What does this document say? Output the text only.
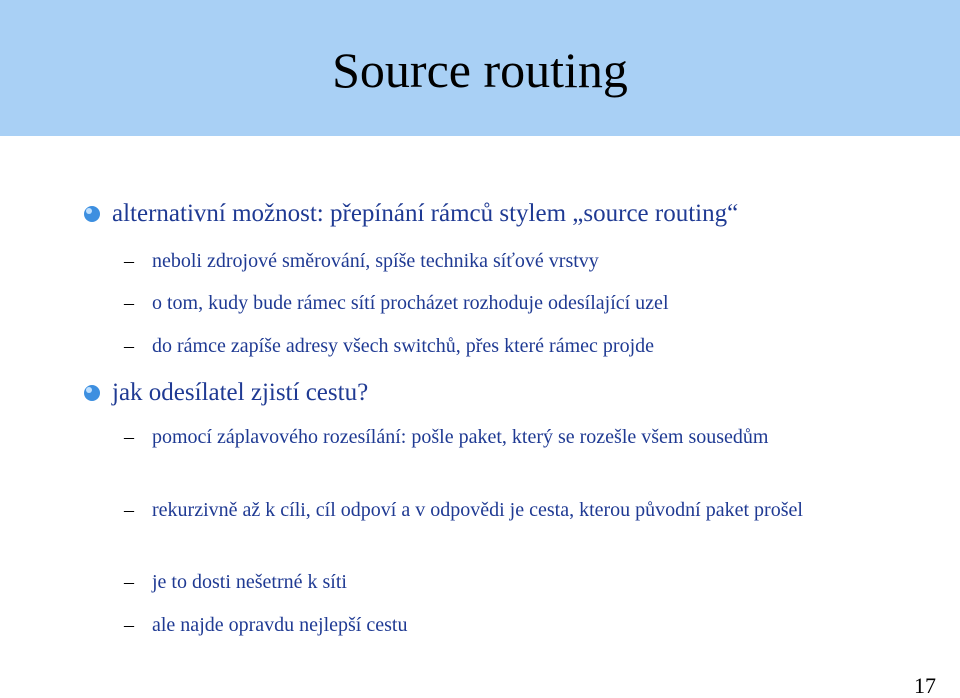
Source routing
alternativní možnost: přepínání rámců stylem „source routing“
– neboli zdrojové směrování, spíše technika síťové vrstvy
– o tom, kudy bude rámec sítí procházet rozhoduje odesílající uzel
– do rámce zapíše adresy všech switchů, přes které rámec projde
jak odesílatel zjistí cestu?
– pomocí záplavového rozesílání: pošle paket, který se rozešle všem sousedům
– rekurzivně až k cíli, cíl odpoví a v odpovědi je cesta, kterou původní paket prošel
– je to dosti nešetrné k síti
– ale najde opravdu nejlepší cestu
17
